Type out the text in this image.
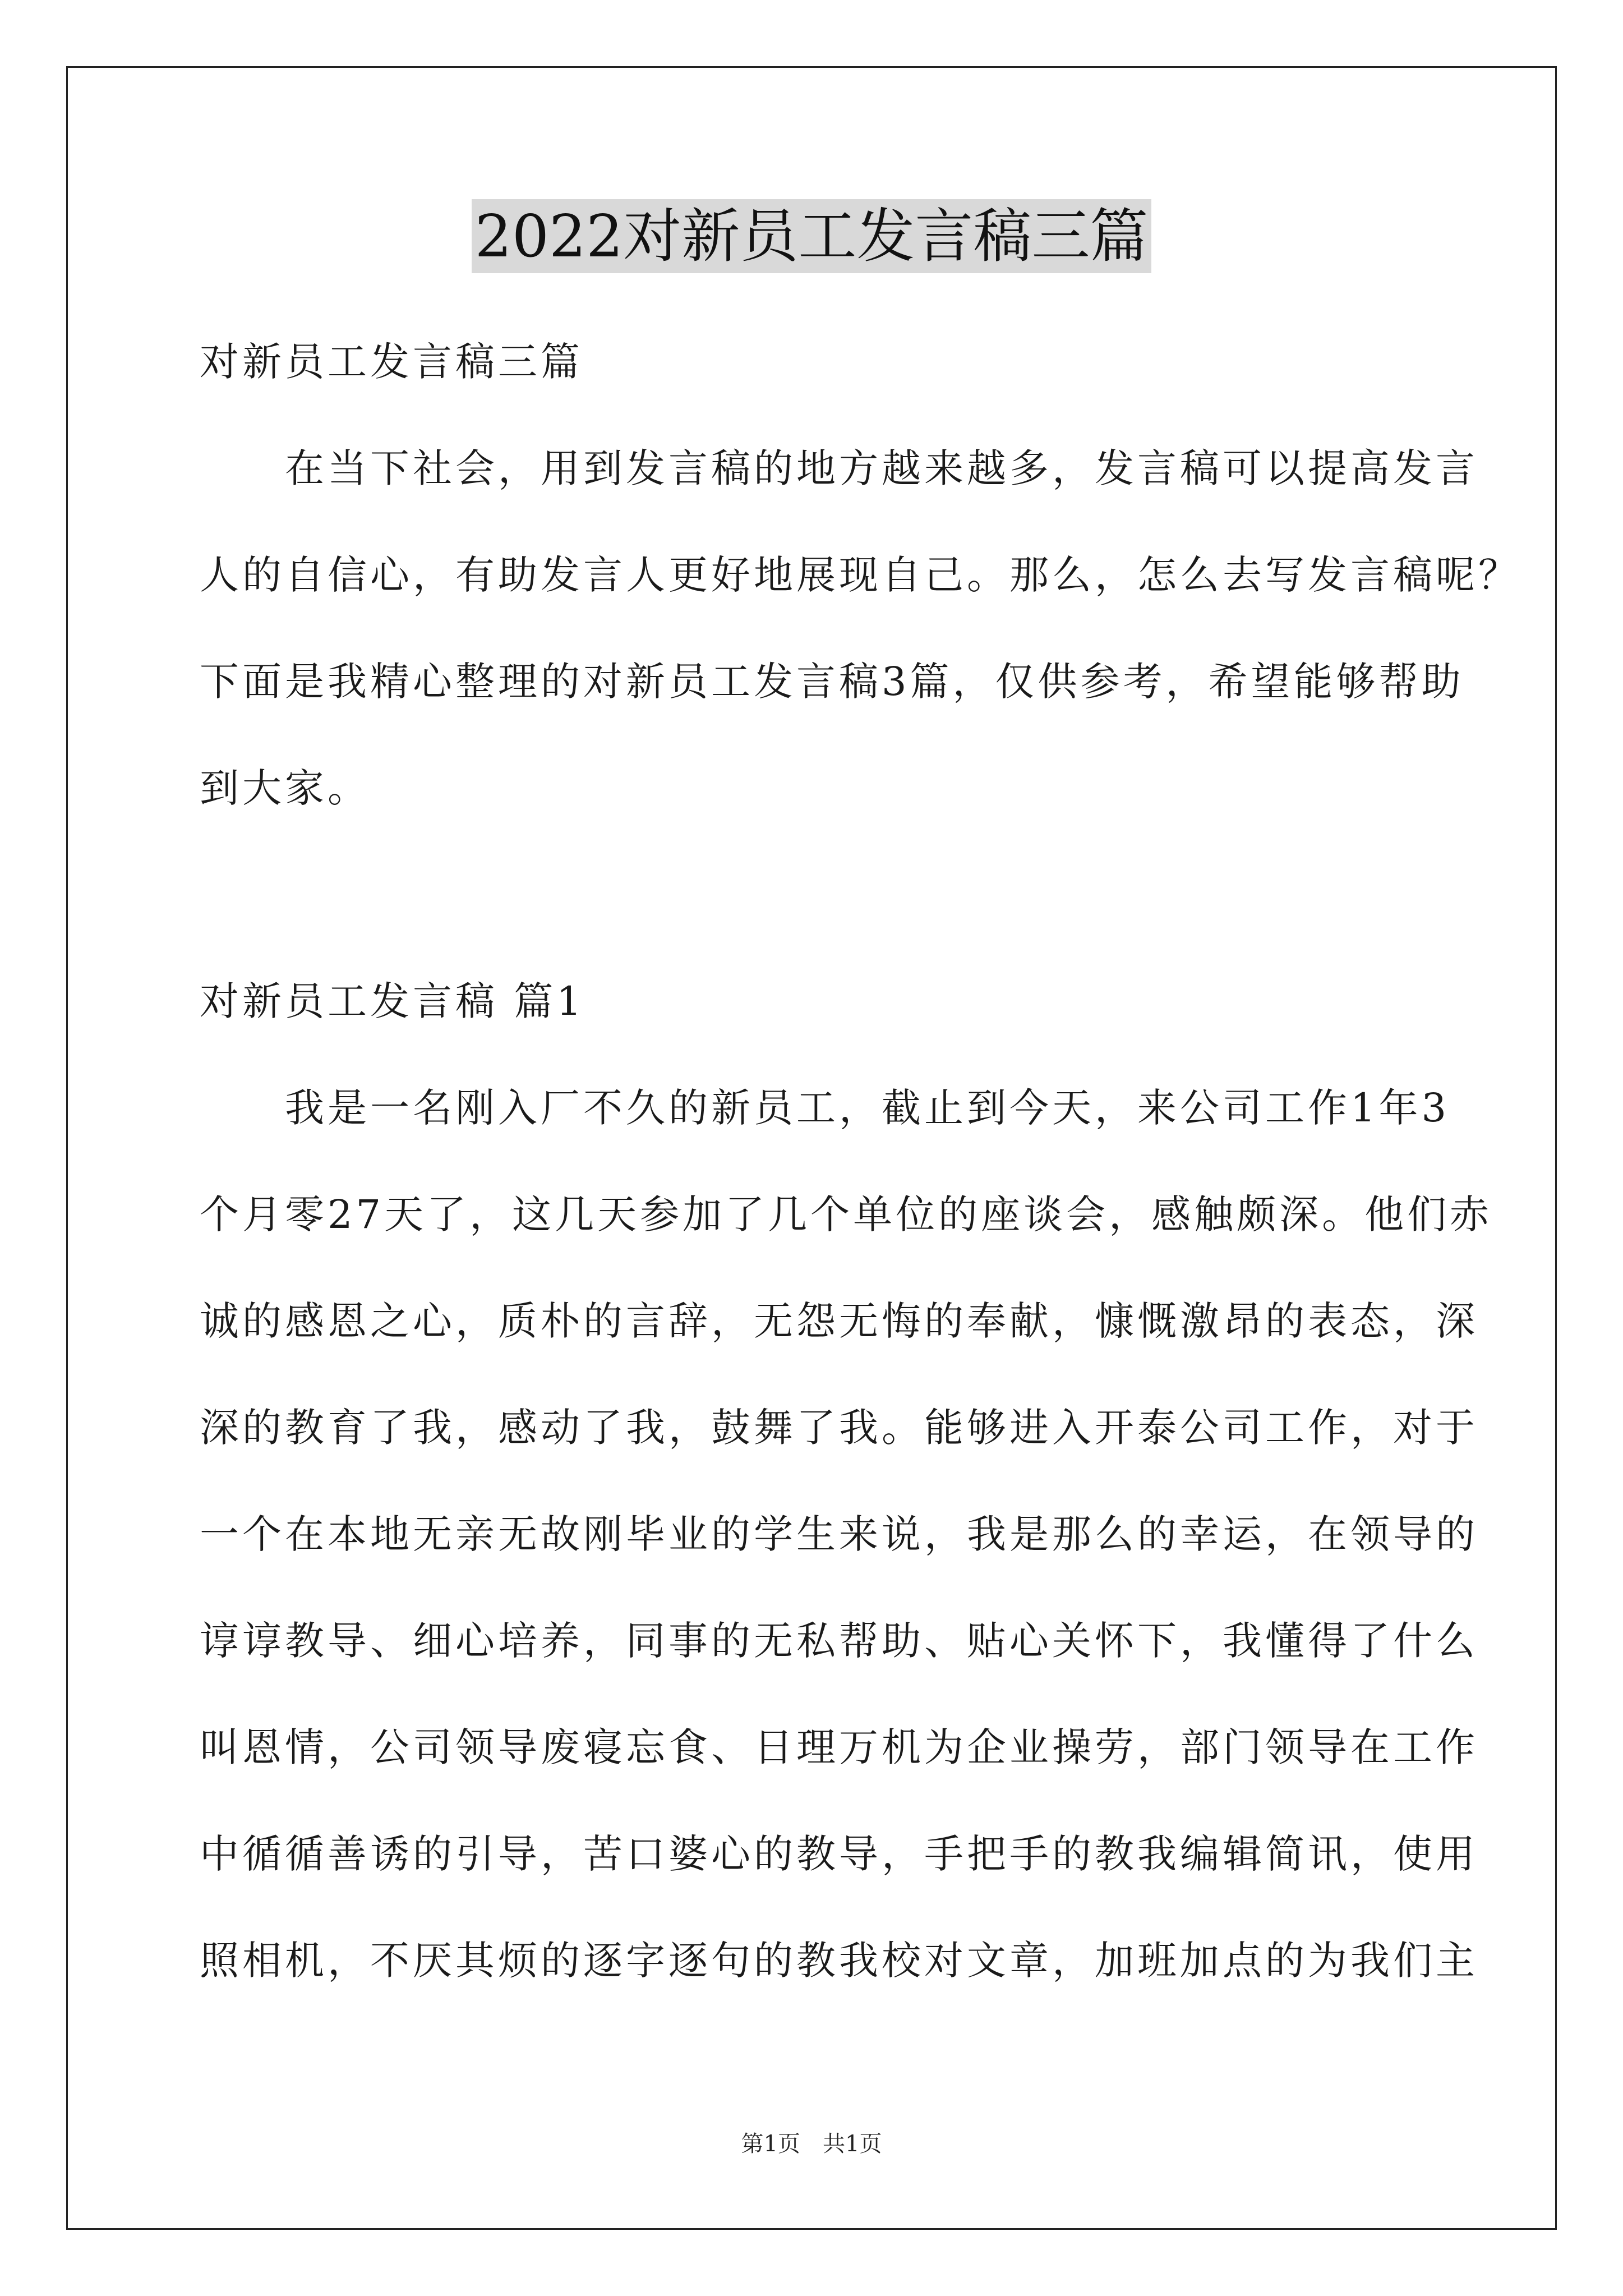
2022对新员工发言稿三篇
对新员工发言稿三篇
　　在当下社会，用到发言稿的地方越来越多，发言稿可以提高发言
人的自信心，有助发言人更好地展现自己。那么，怎么去写发言稿呢？
下面是我精心整理的对新员工发言稿3篇，仅供参考，希望能够帮助
到大家。
对新员工发言稿 篇1
　　我是一名刚入厂不久的新员工，截止到今天，来公司工作1年3
个月零27天了，这几天参加了几个单位的座谈会，感触颇深。他们赤
诚的感恩之心，质朴的言辞，无怨无悔的奉献，慷慨激昂的表态，深
深的教育了我，感动了我，鼓舞了我。能够进入开泰公司工作，对于
一个在本地无亲无故刚毕业的学生来说，我是那么的幸运，在领导的
谆谆教导、细心培养，同事的无私帮助、贴心关怀下，我懂得了什么
叫恩情，公司领导废寝忘食、日理万机为企业操劳，部门领导在工作
中循循善诱的引导，苦口婆心的教导，手把手的教我编辑简讯，使用
照相机，不厌其烦的逐字逐句的教我校对文章，加班加点的为我们主
第1页　共1页
